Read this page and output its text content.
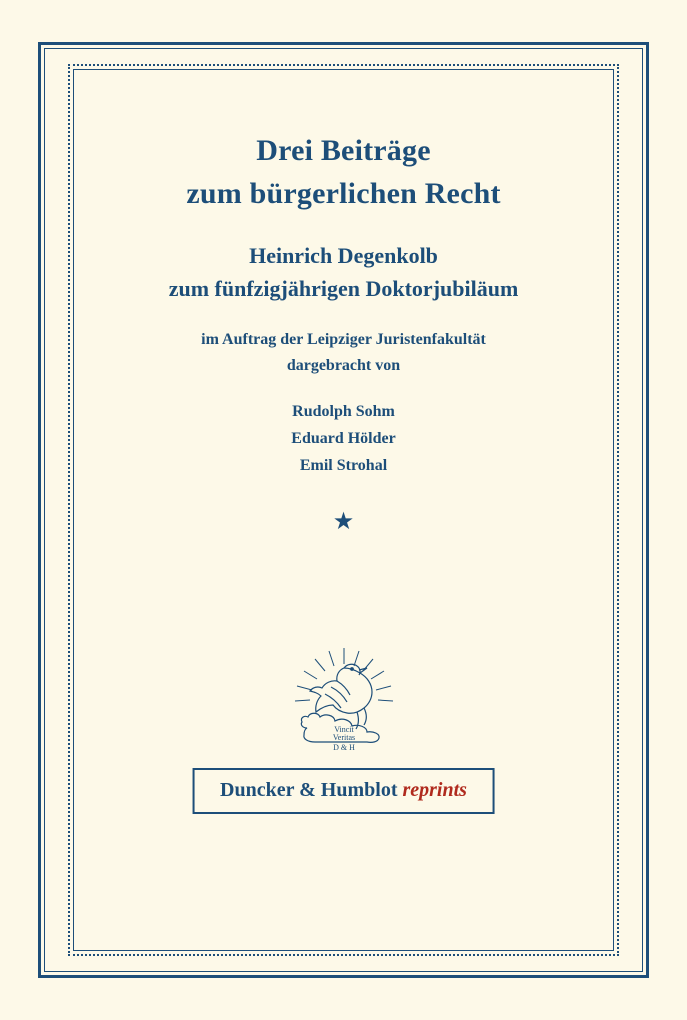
Drei Beiträge
zum bürgerlichen Recht
Heinrich Degenkolb
zum fünfzigjährigen Doktorjubiläum
im Auftrag der Leipziger Juristenfakultät
dargebracht von
Rudolph Sohm
Eduard Hölder
Emil Strohal
★
Vincit
Veritas
D & H
Duncker & Humblot reprints
